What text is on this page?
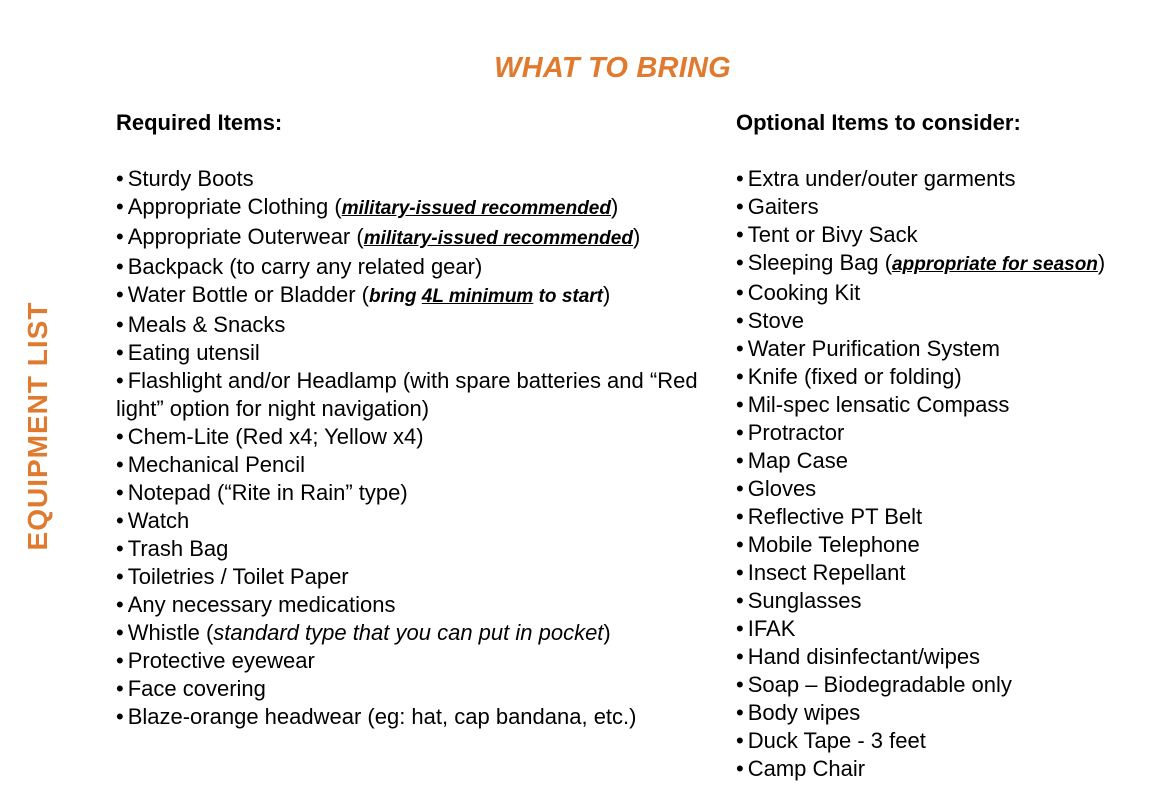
WHAT TO BRING
EQUIPMENT LIST
Required Items:
• Sturdy Boots
• Appropriate Clothing (military-issued recommended)
• Appropriate Outerwear (military-issued recommended)
• Backpack (to carry any related gear)
• Water Bottle or Bladder (bring 4L minimum to start)
• Meals & Snacks
• Eating utensil
• Flashlight and/or Headlamp (with spare batteries and “Red light” option for night navigation)
• Chem-Lite (Red x4; Yellow x4)
• Mechanical Pencil
• Notepad (“Rite in Rain” type)
• Watch
• Trash Bag
• Toiletries / Toilet Paper
• Any necessary medications
• Whistle (standard type that you can put in pocket)
• Protective eyewear
• Face covering
• Blaze-orange headwear (eg: hat, cap bandana, etc.)
Optional Items to consider:
• Extra under/outer garments
• Gaiters
• Tent or Bivy Sack
• Sleeping Bag (appropriate for season)
• Cooking Kit
• Stove
• Water Purification System
• Knife (fixed or folding)
• Mil-spec lensatic Compass
• Protractor
• Map Case
• Gloves
• Reflective PT Belt
• Mobile Telephone
• Insect Repellant
• Sunglasses
• IFAK
• Hand disinfectant/wipes
• Soap – Biodegradable only
• Body wipes
• Duck Tape - 3 feet
• Camp Chair
